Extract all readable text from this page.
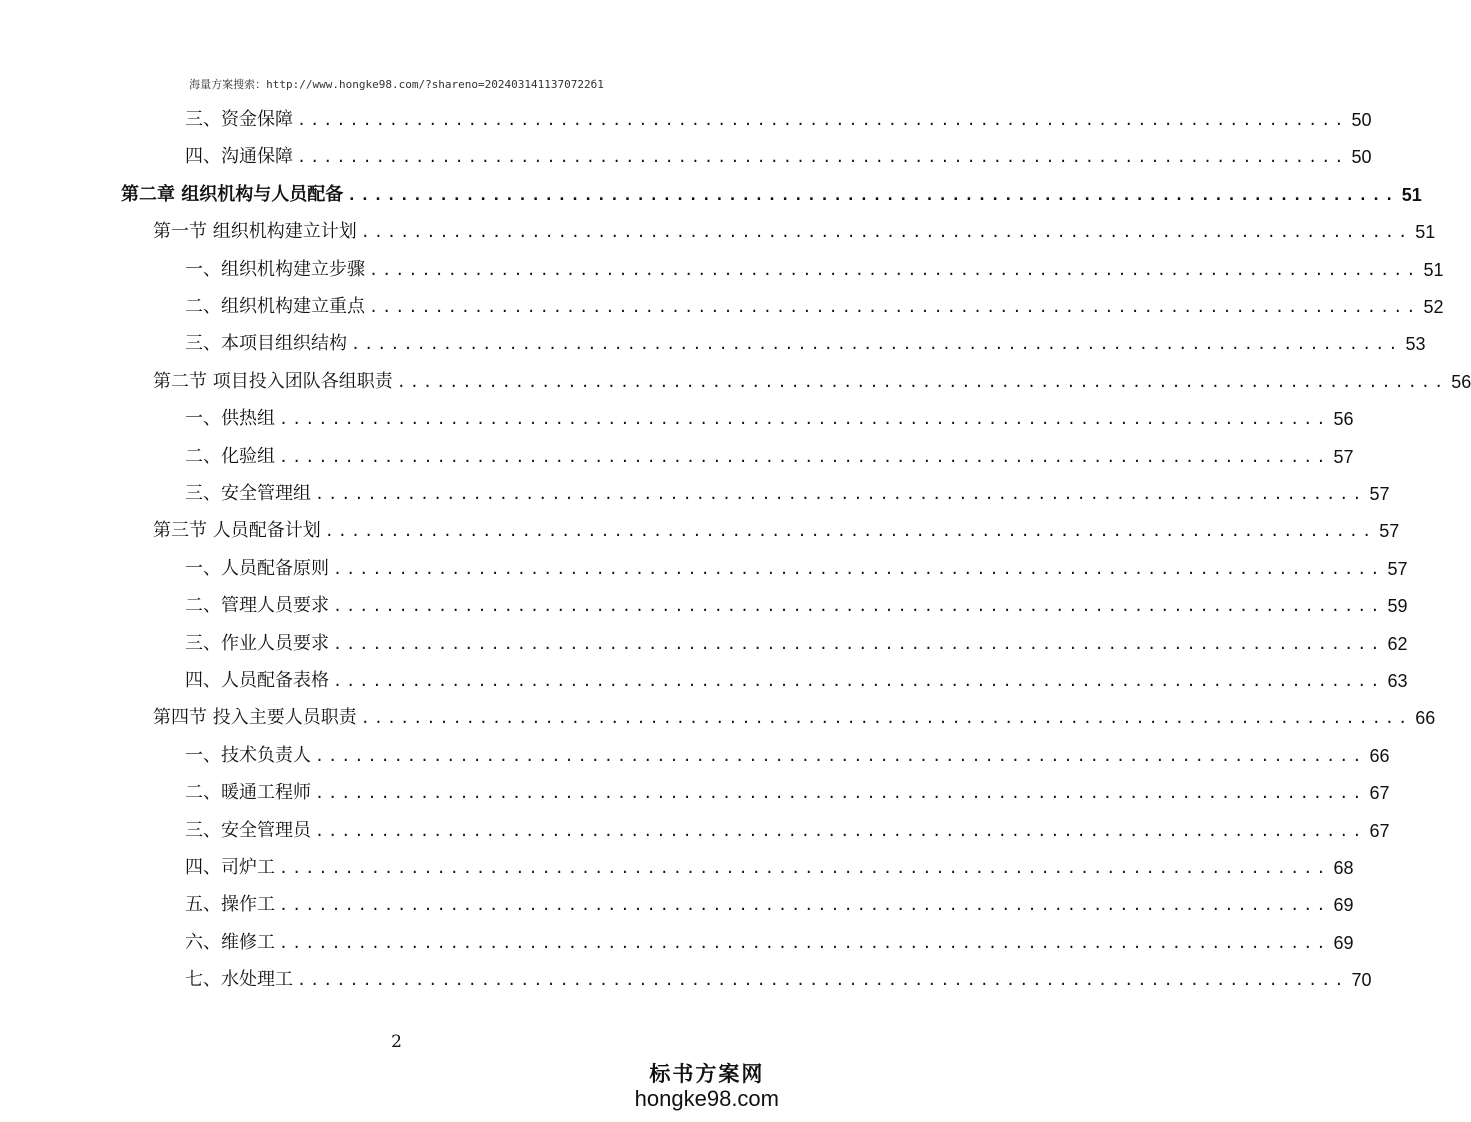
海量方案搜索：http://www.hongke98.com/?shareno=2024031411370722б1
三、资金保障 ................................................................................ 50
四、沟通保障 ................................................................................ 50
第二章 组织机构与人员配备 ................................................................................ 51
第一节 组织机构建立计划 ................................................................................ 51
一、组织机构建立步骤 ................................................................................ 51
二、组织机构建立重点 ................................................................................ 52
三、本项目组织结构 ................................................................................ 53
第二节 项目投入团队各组职责 ................................................................................ 56
一、供热组 ................................................................................ 56
二、化验组 ................................................................................ 57
三、安全管理组 ................................................................................ 57
第三节 人员配备计划 ................................................................................ 57
一、人员配备原则 ................................................................................ 57
二、管理人员要求 ................................................................................ 59
三、作业人员要求 ................................................................................ 62
四、人员配备表格 ................................................................................ 63
第四节 投入主要人员职责 ................................................................................ 66
一、技术负责人 ................................................................................ 66
二、暖通工程师 ................................................................................ 67
三、安全管理员 ................................................................................ 67
四、司炉工 ................................................................................ 68
五、操作工 ................................................................................ 69
六、维修工 ................................................................................ 69
七、水处理工 ................................................................................ 70
2
标书方案网
hongke98.com
